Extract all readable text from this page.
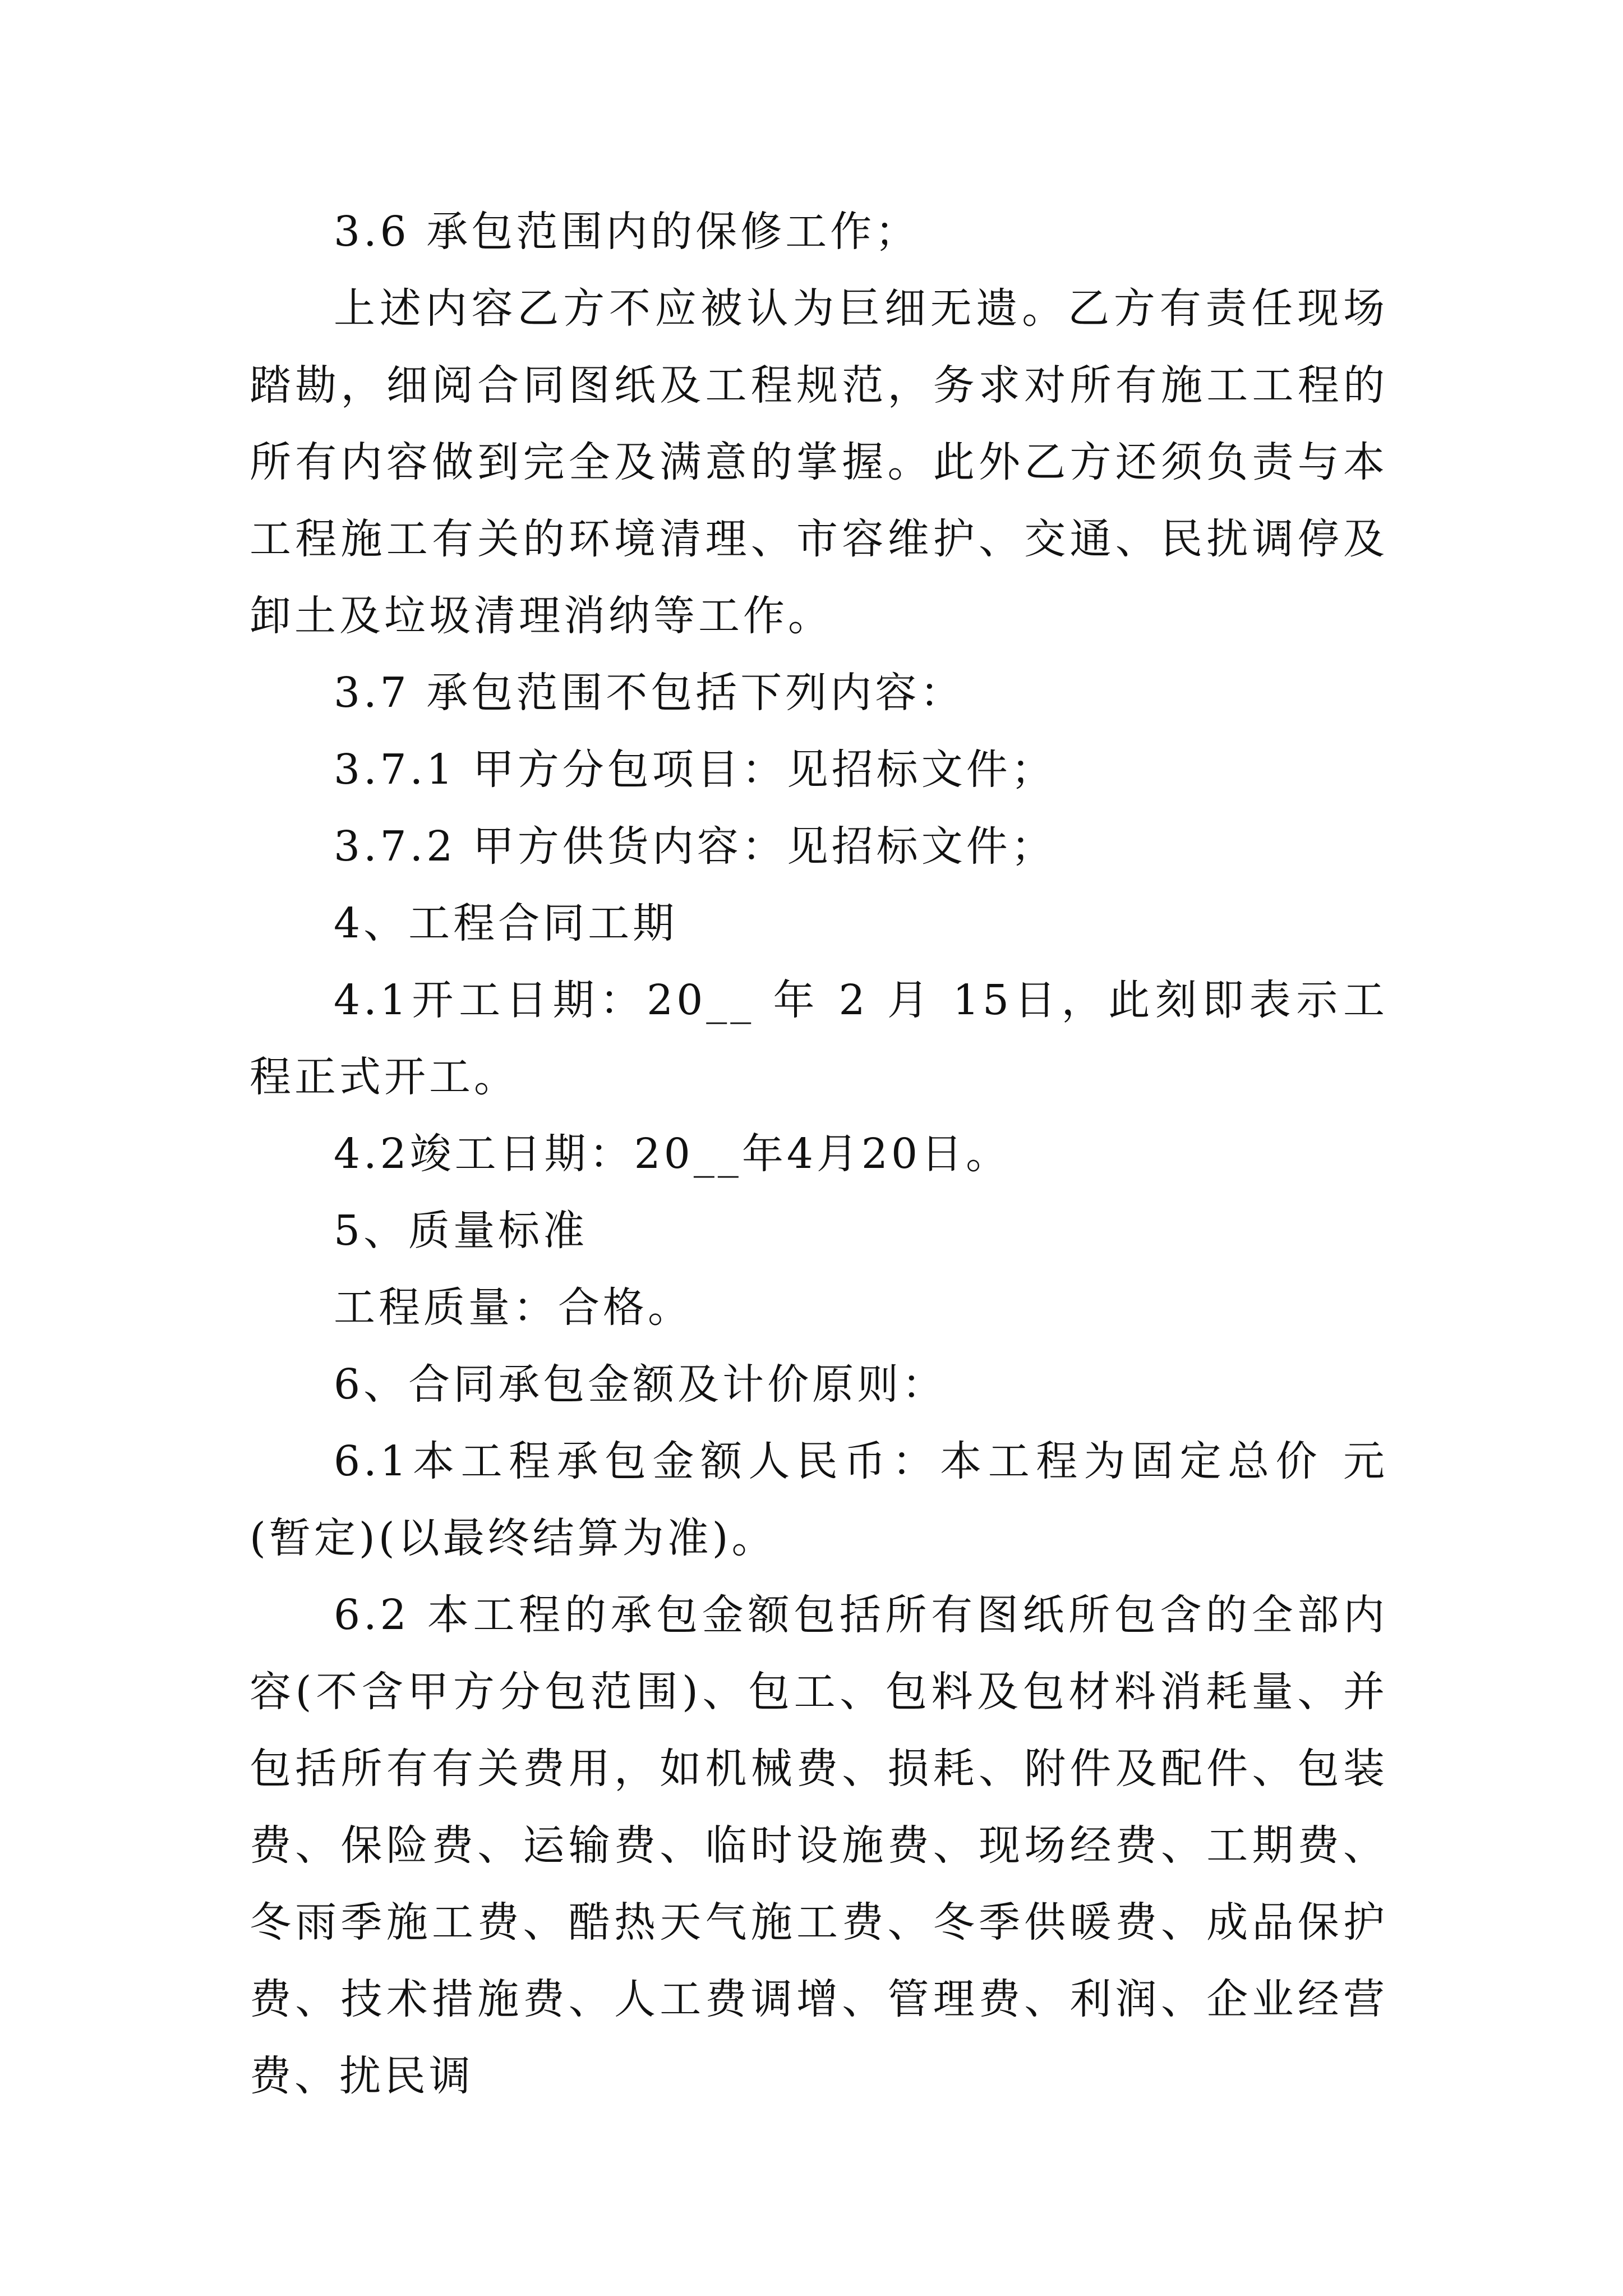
3.6 承包范围内的保修工作；

上述内容乙方不应被认为巨细无遗。乙方有责任现场踏勘，细阅合同图纸及工程规范，务求对所有施工工程的所有内容做到完全及满意的掌握。此外乙方还须负责与本工程施工有关的环境清理、市容维护、交通、民扰调停及卸土及垃圾清理消纳等工作。

3.7 承包范围不包括下列内容：

3.7.1 甲方分包项目：见招标文件；

3.7.2 甲方供货内容：见招标文件；

4、工程合同工期

4.1开工日期：20__ 年 2 月 15日，此刻即表示工程正式开工。

4.2竣工日期：20__年4月20日。

5、质量标准

工程质量：合格。

6、合同承包金额及计价原则：

6.1本工程承包金额人民币：本工程为固定总价 元(暂定)(以最终结算为准)。

6.2 本工程的承包金额包括所有图纸所包含的全部内容(不含甲方分包范围)、包工、包料及包材料消耗量、并包括所有有关费用，如机械费、损耗、附件及配件、包装费、保险费、运输费、临时设施费、现场经费、工期费、冬雨季施工费、酷热天气施工费、冬季供暖费、成品保护费、技术措施费、人工费调增、管理费、利润、企业经营费、扰民调
